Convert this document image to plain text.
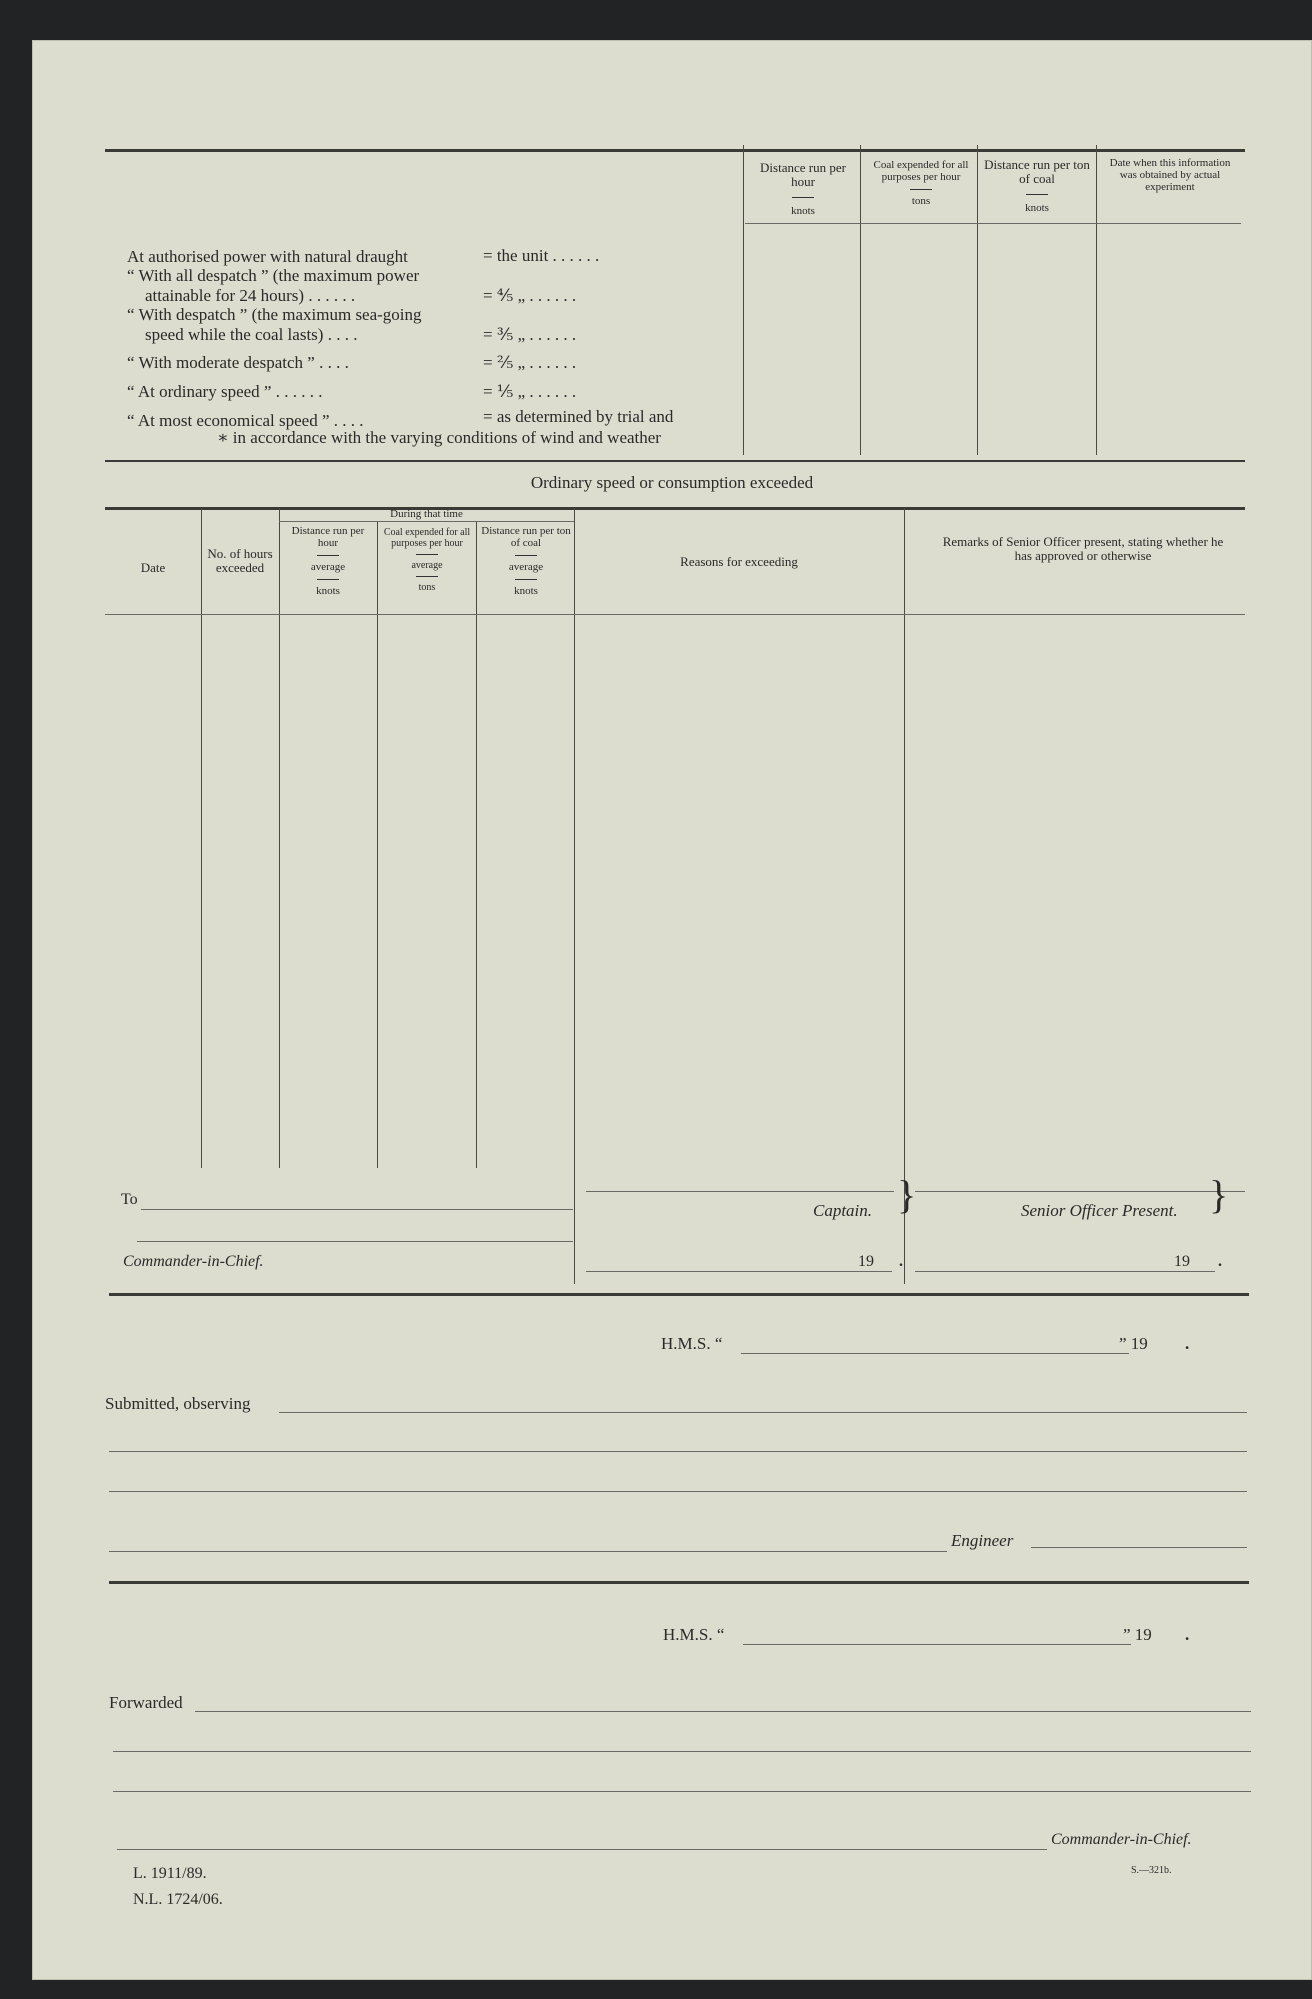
Distance run per hour

knots
Coal expended for all purposes per hour

tons
Distance run per ton of coal

knots
Date when this information was obtained by actual experiment
At authorised power with natural draught	= the unit . . . . . .
“ With all despatch ” (the maximum power
attainable for 24 hours) . . . . . .	= ⅘ „ . . . . . .
“ With despatch ” (the maximum sea-going
speed while the coal lasts) . . . .	= ⅗ „ . . . . . .
“ With moderate despatch ” . . . .	= ⅖ „ . . . . . .
“ At ordinary speed ” . . . . . .	= ⅕ „ . . . . . .
“ At most economical speed ” . . . .	= as determined by trial and
∗ in accordance with the varying conditions of wind and weather
Ordinary speed or consumption exceeded
Date
No. of hours exceeded
During that time
Distance run per hour

average

knots
Coal expended for all purposes per hour

average

tons
Distance run per ton of coal

average

knots
Reasons for exceeding
Remarks of Senior Officer present, stating whether he has approved or otherwise
To
Commander-in-Chief.
Captain. }
19 .
Senior Officer Present. }
19 .
H.M.S. “	” 19 .
Submitted, observing
Engineer
H.M.S. “	” 19 .
Forwarded
Commander-in-Chief.
L. 1911/89.
N.L. 1724/06.
S.—321b.
